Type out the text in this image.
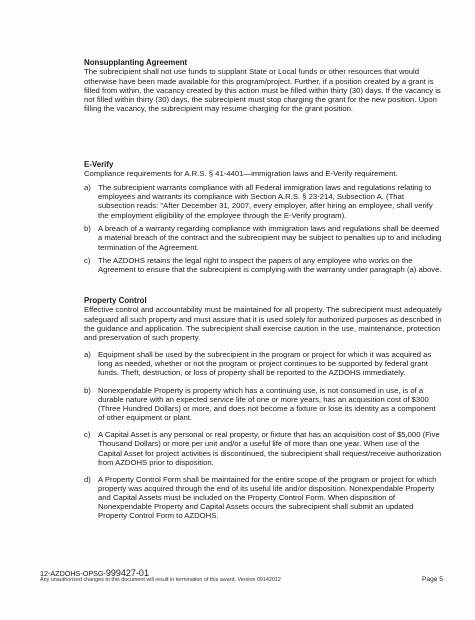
Nonsupplanting Agreement

The subrecipient shall not use funds to supplant State or Local funds or other resources that would otherwise have been made available for this program/project. Further, if a position created by a grant is filled from within, the vacancy created by this action must be filled within thirty (30) days. If the vacancy is not filled within thirty (30) days, the subrecipient must stop charging the grant for the new position. Upon filling the vacancy, the subrecipient may resume charging for the grant position.

E-Verify

Compliance requirements for A.R.S. § 41-4401—immigration laws and E-Verify requirement.

a) The subrecipient warrants compliance with all Federal immigration laws and regulations relating to employees and warrants its compliance with Section A.R.S. § 23-214, Subsection A. (That subsection reads: "After December 31, 2007, every employer, after hiring an employee, shall verify the employment eligibility of the employee through the E-Verify program).
b) A breach of a warranty regarding compliance with immigration laws and regulations shall be deemed a material breach of the contract and the subrecipient may be subject to penalties up to and including termination of the Agreement.
c) The AZDOHS retains the legal right to inspect the papers of any employee who works on the Agreement to ensure that the subrecipient is complying with the warranty under paragraph (a) above.
Property Control

Effective control and accountability must be maintained for all property. The subrecipient must adequately safeguard all such property and must assure that it is used solely for authorized purposes as described in the guidance and application. The subrecipient shall exercise caution in the use, maintenance, protection and preservation of such property.

a) Equipment shall be used by the subrecipient in the program or project for which it was acquired as long as needed, whether or not the program or project continues to be supported by federal grant funds. Theft, destruction, or loss of property shall be reported to the AZDOHS immediately.
b) Nonexpendable Property is property which has a continuing use, is not consumed in use, is of a durable nature with an expected service life of one or more years, has an acquisition cost of $300 (Three Hundred Dollars) or more, and does not become a fixture or lose its identity as a component of other equipment or plant.
c) A Capital Asset is any personal or real property, or fixture that has an acquisition cost of $5,000 (Five Thousand Dollars) or more per unit and/or a useful life of more than one year. When use of the Capital Asset for project activities is discontinued, the subrecipient shall request/receive authorization from AZDOHS prior to disposition.
d) A Property Control Form shall be maintained for the entire scope of the program or project for which property was acquired through the end of its useful life and/or disposition. Nonexpendable Property and Capital Assets must be included on the Property Control Form. When disposition of Nonexpendable Property and Capital Assets occurs the subrecipient shall submit an updated Property Control Form to AZDOHS.
12-AZDOHS-OPSG-999427-01
Any unauthorized changes to this document will result in termination of this award. Version 09142012	Page 5
